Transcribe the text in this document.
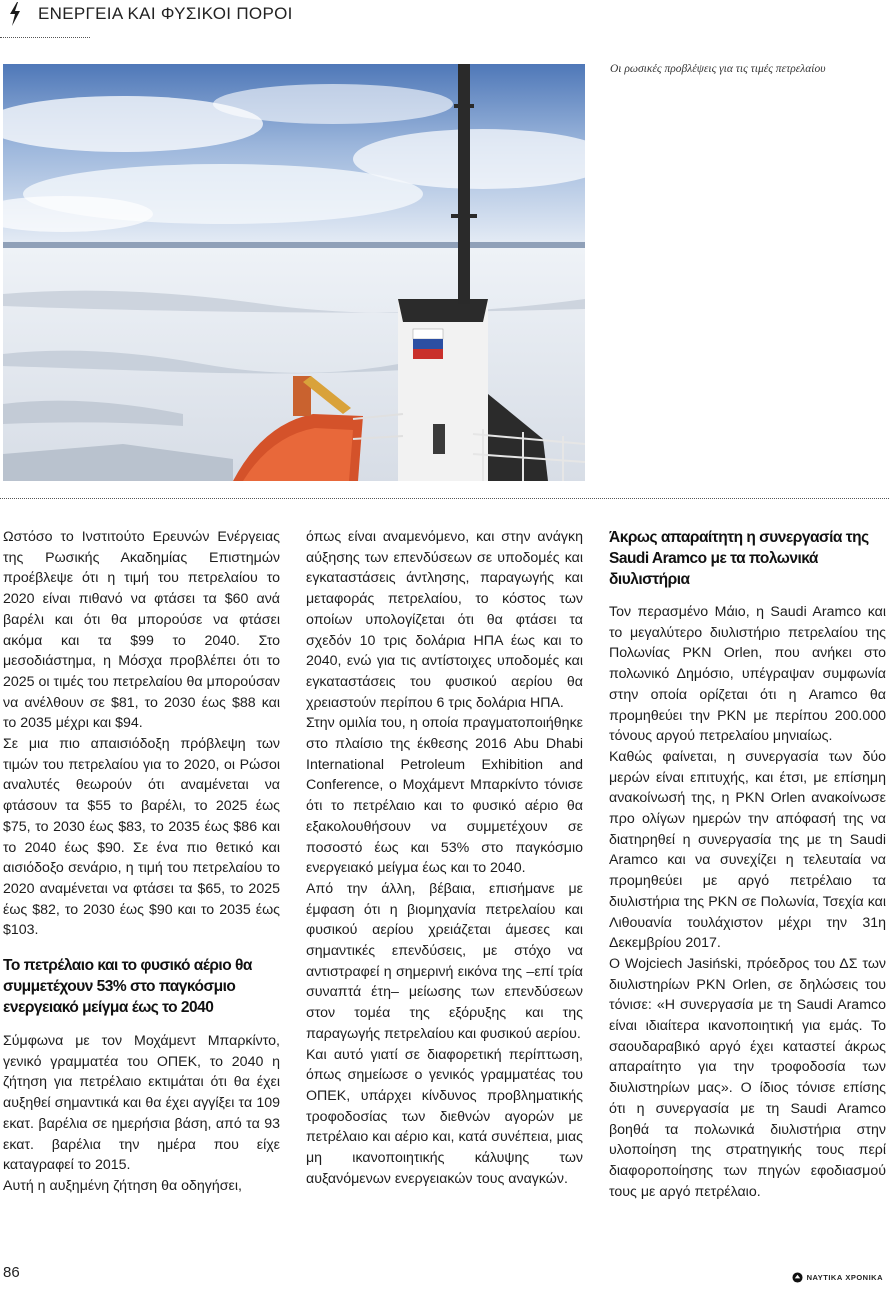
ΕΝΕΡΓΕΙΑ ΚΑΙ ΦΥΣΙΚΟΙ ΠΟΡΟΙ
Οι ρωσικές προβλέψεις για τις τιμές πετρελαίου

Ωστόσο το Ινστιτούτο Ερευνών Ενέργειας της Ρωσικής Ακαδημίας Επιστημών προέβλεψε ότι η τιμή του πετρελαίου το 2020 είναι πιθανό να φτάσει τα $60 ανά βαρέλι και ότι θα μπορούσε να φτάσει ακόμα και τα $99 το 2040. Στο μεσοδιάστημα, η Μόσχα προβλέπει ότι το 2025 οι τιμές του πετρελαίου θα μπορούσαν να ανέλθουν σε $81, το 2030 έως $88 και το 2035 μέχρι και $94.

Σε μια πιο απαισιόδοξη πρόβλεψη των τιμών του πετρελαίου για το 2020, οι Ρώσοι αναλυτές θεωρούν ότι αναμένεται να φτάσουν τα $55 το βαρέλι, το 2025 έως $75, το 2030 έως $83, το 2035 έως $86 και το 2040 έως $90. Σε ένα πιο θετικό και αισιόδοξο σενάριο, η τιμή του πετρελαίου το 2020 αναμένεται να φτάσει τα $65, το 2025 έως $82, το 2030 έως $90 και το 2035 έως $103.

Το πετρέλαιο και το φυσικό αέριο θα συμμετέχουν 53% στο παγκόσμιο ενεργειακό μείγμα έως το 2040

Σύμφωνα με τον Μοχάμεντ Μπαρκίντο, γενικό γραμματέα του ΟΠΕΚ, το 2040 η ζήτηση για πετρέλαιο εκτιμάται ότι θα έχει αυξηθεί σημαντικά και θα έχει αγγίξει τα 109 εκατ. βαρέλια σε ημερήσια βάση, από τα 93 εκατ. βαρέλια την ημέρα που είχε καταγραφεί το 2015.

Αυτή η αυξημένη ζήτηση θα οδηγήσει,

όπως είναι αναμενόμενο, και στην ανάγκη αύξησης των επενδύσεων σε υποδομές και εγκαταστάσεις άντλησης, παραγωγής και μεταφοράς πετρελαίου, το κόστος των οποίων υπολογίζεται ότι θα φτάσει τα σχεδόν 10 τρις δολάρια ΗΠΑ έως και το 2040, ενώ για τις αντίστοιχες υποδομές και εγκαταστάσεις του φυσικού αερίου θα χρειαστούν περίπου 6 τρις δολάρια ΗΠΑ.

Στην ομιλία του, η οποία πραγματοποιήθηκε στο πλαίσιο της έκθεσης 2016 Abu Dhabi International Petroleum Exhibition and Conference, ο Μοχάμεντ Μπαρκίντο τόνισε ότι το πετρέλαιο και το φυσικό αέριο θα εξακολουθήσουν να συμμετέχουν σε ποσοστό έως και 53% στο παγκόσμιο ενεργειακό μείγμα έως και το 2040.

Από την άλλη, βέβαια, επισήμανε με έμφαση ότι η βιομηχανία πετρελαίου και φυσικού αερίου χρειάζεται άμεσες και σημαντικές επενδύσεις, με στόχο να αντιστραφεί η σημερινή εικόνα της –επί τρία συναπτά έτη– μείωσης των επενδύσεων στον τομέα της εξόρυξης και της παραγωγής πετρελαίου και φυσικού αερίου.

Και αυτό γιατί σε διαφορετική περίπτωση, όπως σημείωσε ο γενικός γραμματέας του ΟΠΕΚ, υπάρχει κίνδυνος προβληματικής τροφοδοσίας των διεθνών αγορών με πετρέλαιο και αέριο και, κατά συνέπεια, μιας μη ικανοποιητικής κάλυψης των αυξανόμενων ενεργειακών τους αναγκών.

Άκρως απαραίτητη η συνεργασία της Saudi Aramco με τα πολωνικά διυλιστήρια

Τον περασμένο Μάιο, η Saudi Aramco και το μεγαλύτερο διυλιστήριο πετρελαίου της Πολωνίας PKN Orlen, που ανήκει στο πολωνικό Δημόσιο, υπέγραψαν συμφωνία στην οποία ορίζεται ότι η Aramco θα προμηθεύει την PKN με περίπου 200.000 τόνους αργού πετρελαίου μηνιαίως.

Καθώς φαίνεται, η συνεργασία των δύο μερών είναι επιτυχής, και έτσι, με επίσημη ανακοίνωσή της, η PKN Orlen ανακοίνωσε προ ολίγων ημερών την απόφασή της να διατηρηθεί η συνεργασία της με τη Saudi Aramco και να συνεχίζει η τελευταία να προμηθεύει με αργό πετρέλαιο τα διυλιστήρια της PKN σε Πολωνία, Τσεχία και Λιθουανία τουλάχιστον μέχρι την 31η Δεκεμβρίου 2017.

Ο Wojciech Jasiński, πρόεδρος του ΔΣ των διυλιστηρίων PKN Orlen, σε δηλώσεις του τόνισε: «Η συνεργασία με τη Saudi Aramco είναι ιδιαίτερα ικανοποιητική για εμάς. Το σαουδαραβικό αργό έχει καταστεί άκρως απαραίτητο για την τροφοδοσία των διυλιστηρίων μας». Ο ίδιος τόνισε επίσης ότι η συνεργασία με τη Saudi Aramco βοηθά τα πολωνικά διυλιστήρια στην υλοποίηση της στρατηγικής τους περί διαφοροποίησης των πηγών εφοδιασμού τους με αργό πετρέλαιο.

86	ΝΑΥΤΙΚΑ ΧΡΟΝΙΚΑ
